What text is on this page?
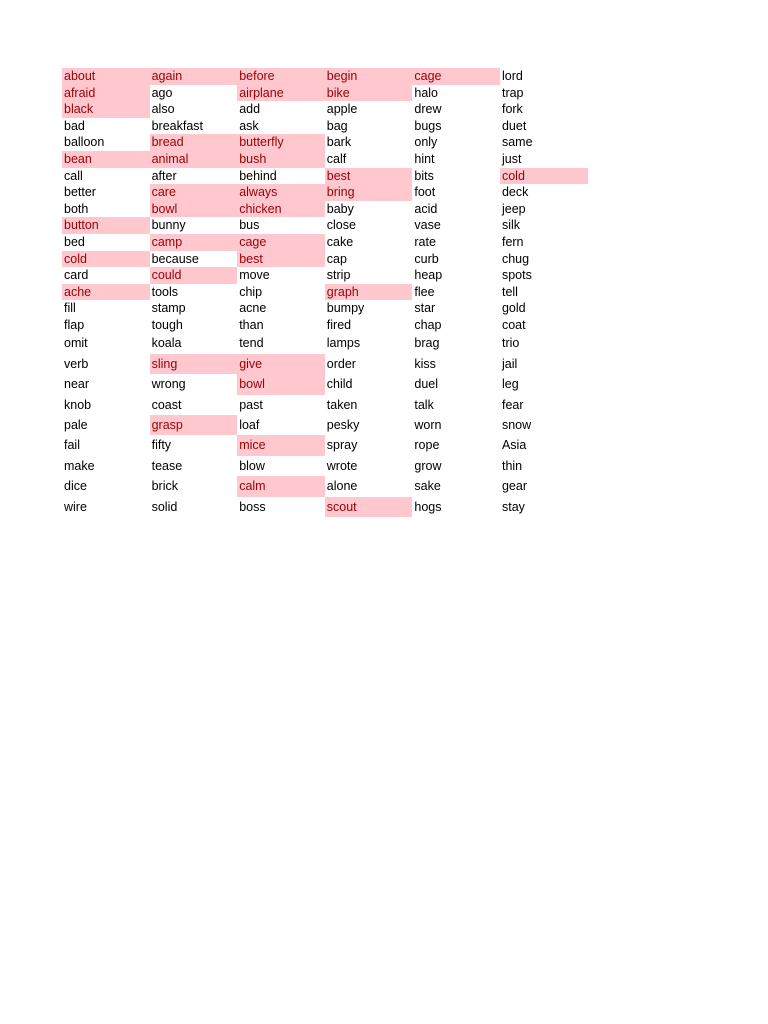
about	again	before	begin	cage	lord
afraid	ago	airplane	bike	halo	trap
black	also	add	apple	drew	fork
bad	breakfast	ask	bag	bugs	duet
balloon	bread	butterfly	bark	only	same
bean	animal	bush	calf	hint	just
call	after	behind	best	bits	cold
better	care	always	bring	foot	deck
both	bowl	chicken	baby	acid	jeep
button	bunny	bus	close	vase	silk
bed	camp	cage	cake	rate	fern
cold	because	best	cap	curb	chug
card	could	move	strip	heap	spots
ache	tools	chip	graph	flee	tell
fill	stamp	acne	bumpy	star	gold
flap	tough	than	fired	chap	coat
omit	koala	tend	lamps	brag	trio
verb	sling	give	order	kiss	jail
near	wrong	bowl	child	duel	leg
knob	coast	past	taken	talk	fear
pale	grasp	loaf	pesky	worn	snow
fail	fifty	mice	spray	rope	Asia
make	tease	blow	wrote	grow	thin
dice	brick	calm	alone	sake	gear
wire	solid	boss	scout	hogs	stay
